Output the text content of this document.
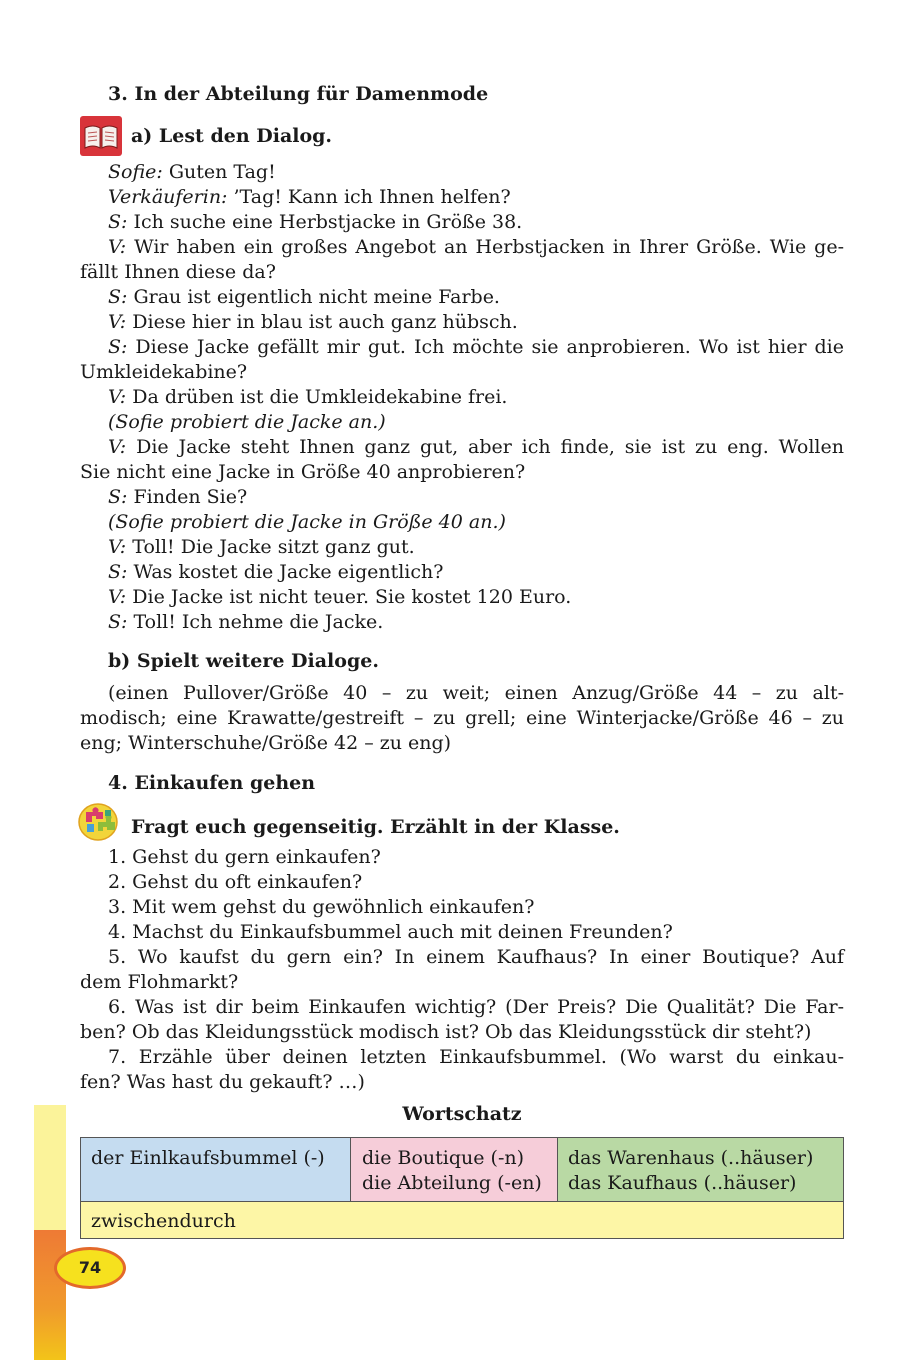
3. In der Abteilung für Damenmode
a) Lest den Dialog.
Sofie: Guten Tag!
Verkäuferin: ’Tag! Kann ich Ihnen helfen?
S: Ich suche eine Herbstjacke in Größe 38.
V: Wir haben ein großes Angebot an Herbstjacken in Ihrer Größe. Wie ge-
fällt Ihnen diese da?
S: Grau ist eigentlich nicht meine Farbe.
V: Diese hier in blau ist auch ganz hübsch.
S: Diese Jacke gefällt mir gut. Ich möchte sie anprobieren. Wo ist hier die
Umkleidekabine?
V: Da drüben ist die Umkleidekabine frei.
(Sofie probiert die Jacke an.)
V: Die Jacke steht Ihnen ganz gut, aber ich finde, sie ist zu eng. Wollen
Sie nicht eine Jacke in Größe 40 anprobieren?
S: Finden Sie?
(Sofie probiert die Jacke in Größe 40 an.)
V: Toll! Die Jacke sitzt ganz gut.
S: Was kostet die Jacke eigentlich?
V: Die Jacke ist nicht teuer. Sie kostet 120 Euro.
S: Toll! Ich nehme die Jacke.
b) Spielt weitere Dialoge.
(einen Pullover/Größe 40 – zu weit; einen Anzug/Größe 44 – zu alt-
modisch; eine Krawatte/gestreift – zu grell; eine Winterjacke/Größe 46 – zu
eng; Winterschuhe/Größe 42 – zu eng)
4. Einkaufen gehen
Fragt euch gegenseitig. Erzählt in der Klasse.
1. Gehst du gern einkaufen?
2. Gehst du oft einkaufen?
3. Mit wem gehst du gewöhnlich einkaufen?
4. Machst du Einkaufsbummel auch mit deinen Freunden?
5. Wo kaufst du gern ein? In einem Kaufhaus? In einer Boutique? Auf
dem Flohmarkt?
6. Was ist dir beim Einkaufen wichtig? (Der Preis? Die Qualität? Die Far-
ben? Ob das Kleidungsstück modisch ist? Ob das Kleidungsstück dir steht?)
7. Erzähle über deinen letzten Einkaufsbummel. (Wo warst du einkau-
fen? Was hast du gekauft? …)
Wortschatz
der Einlkaufsbummel (-)	die Boutique (-n)
die Abteilung (-en)
das Warenhaus (..häuser)
das Kaufhaus (..häuser)
zwischendurch
74
